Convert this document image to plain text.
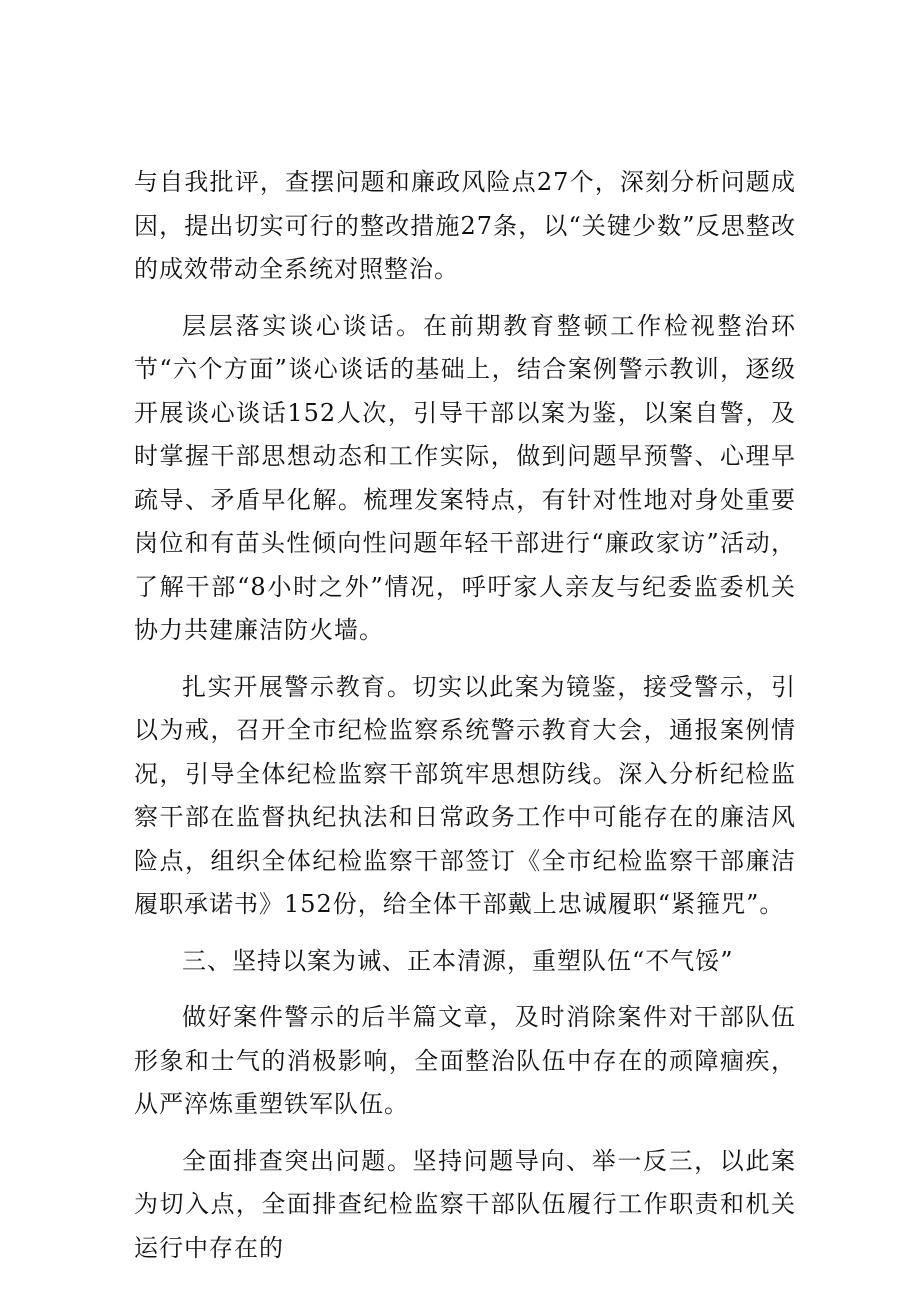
与自我批评，查摆问题和廉政风险点27个，深刻分析问题成因，提出切实可行的整改措施27条，以“关键少数”反思整改的成效带动全系统对照整治。

层层落实谈心谈话。在前期教育整顿工作检视整治环节“六个方面”谈心谈话的基础上，结合案例警示教训，逐级开展谈心谈话152人次，引导干部以案为鉴，以案自警，及时掌握干部思想动态和工作实际，做到问题早预警、心理早疏导、矛盾早化解。梳理发案特点，有针对性地对身处重要岗位和有苗头性倾向性问题年轻干部进行“廉政家访”活动，了解干部“8小时之外”情况，呼吁家人亲友与纪委监委机关协力共建廉洁防火墙。

扎实开展警示教育。切实以此案为镜鉴，接受警示，引以为戒，召开全市纪检监察系统警示教育大会，通报案例情况，引导全体纪检监察干部筑牢思想防线。深入分析纪检监察干部在监督执纪执法和日常政务工作中可能存在的廉洁风险点，组织全体纪检监察干部签订《全市纪检监察干部廉洁履职承诺书》152份，给全体干部戴上忠诚履职“紧箍咒”。

三、坚持以案为诫、正本清源，重塑队伍“不气馁”

做好案件警示的后半篇文章，及时消除案件对干部队伍形象和士气的消极影响，全面整治队伍中存在的顽障痼疾，从严淬炼重塑铁军队伍。

全面排查突出问题。坚持问题导向、举一反三，以此案为切入点，全面排查纪检监察干部队伍履行工作职责和机关运行中存在的
